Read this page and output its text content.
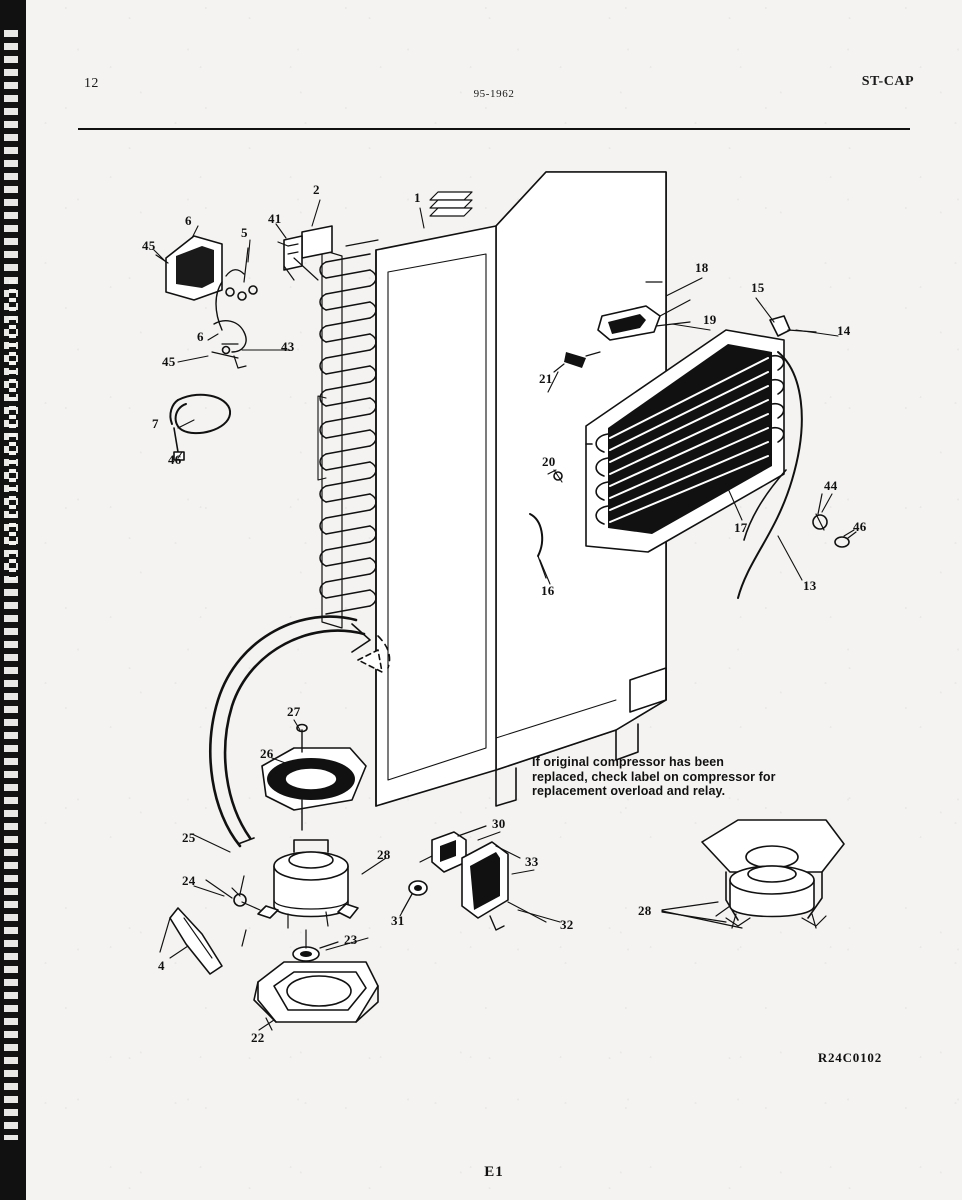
12
95-1962
ST-CAP
1
2
4
5
6
6
7
13
14
15
16
17
18
19
20
21
22
23
24
25
26
27
28
28
30
31	32
33
41
43
44
45
45
46
46
If original compressor has been replaced, check label on compressor for replacement overload and relay.
R24C0102
E1
